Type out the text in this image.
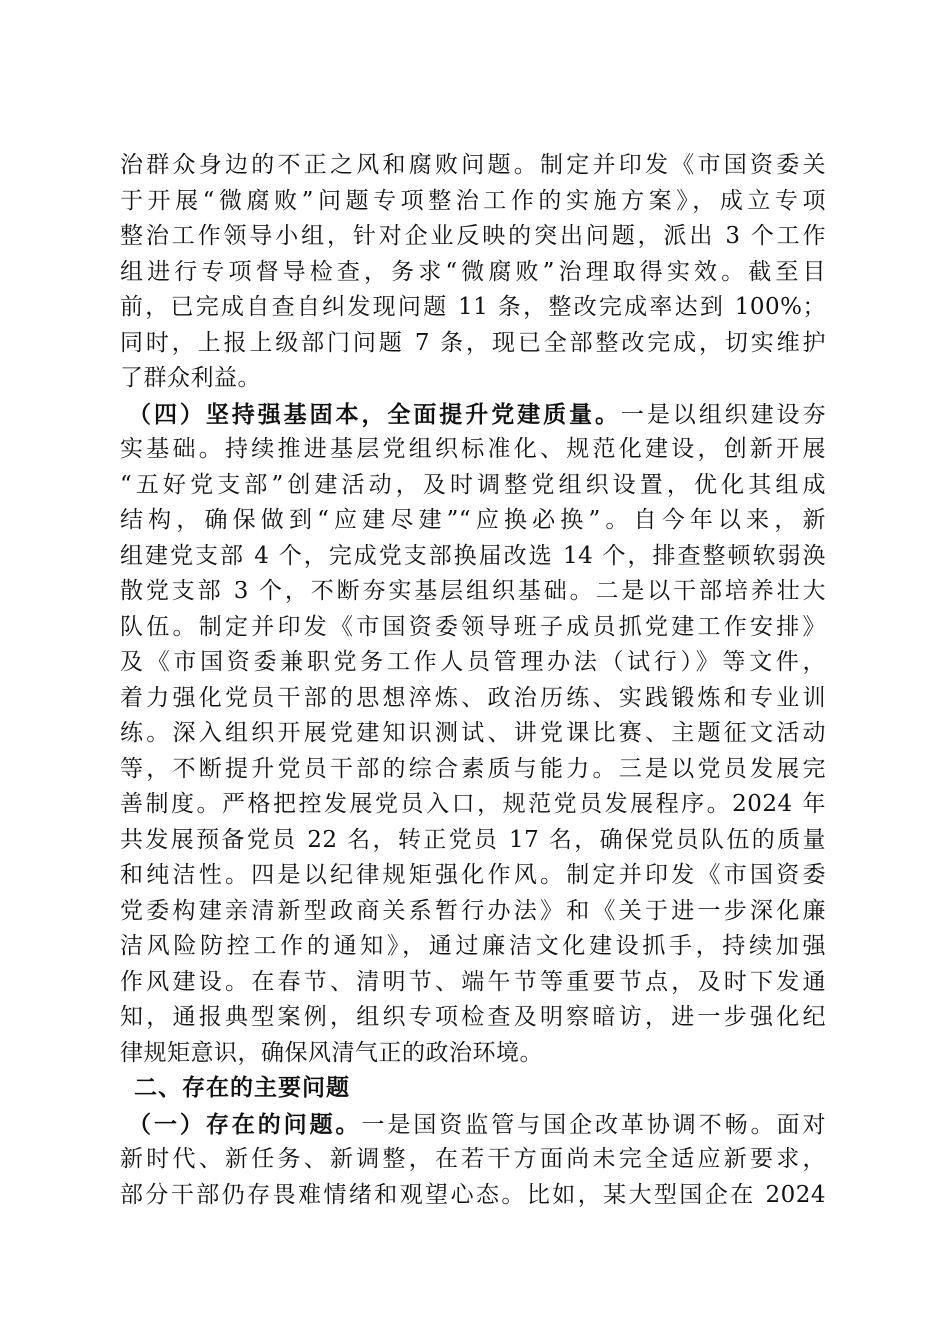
治群众身边的不正之风和腐败问题。制定并印发《市国资委关
于开展“微腐败”问题专项整治工作的实施方案》，成立专项
整治工作领导小组，针对企业反映的突出问题，派出 3 个工作
组进行专项督导检查，务求“微腐败”治理取得实效。截至目
前，已完成自查自纠发现问题 11 条，整改完成率达到 100%；
同时，上报上级部门问题 7 条，现已全部整改完成，切实维护
了群众利益。
（四）坚持强基固本，全面提升党建质量。一是以组织建设夯
实基础。持续推进基层党组织标准化、规范化建设，创新开展
“五好党支部”创建活动，及时调整党组织设置，优化其组成
结构，确保做到“应建尽建”“应换必换”。自今年以来，新
组建党支部 4 个，完成党支部换届改选 14 个，排查整顿软弱涣
散党支部 3 个，不断夯实基层组织基础。二是以干部培养壮大
队伍。制定并印发《市国资委领导班子成员抓党建工作安排》
及《市国资委兼职党务工作人员管理办法（试行）》等文件，
着力强化党员干部的思想淬炼、政治历练、实践锻炼和专业训
练。深入组织开展党建知识测试、讲党课比赛、主题征文活动
等，不断提升党员干部的综合素质与能力。三是以党员发展完
善制度。严格把控发展党员入口，规范党员发展程序。2024 年
共发展预备党员 22 名，转正党员 17 名，确保党员队伍的质量
和纯洁性。四是以纪律规矩强化作风。制定并印发《市国资委
党委构建亲清新型政商关系暂行办法》和《关于进一步深化廉
洁风险防控工作的通知》，通过廉洁文化建设抓手，持续加强
作风建设。在春节、清明节、端午节等重要节点，及时下发通
知，通报典型案例，组织专项检查及明察暗访，进一步强化纪
律规矩意识，确保风清气正的政治环境。
二、存在的主要问题
（一）存在的问题。一是国资监管与国企改革协调不畅。面对
新时代、新任务、新调整，在若干方面尚未完全适应新要求，
部分干部仍存畏难情绪和观望心态。比如，某大型国企在 2024
